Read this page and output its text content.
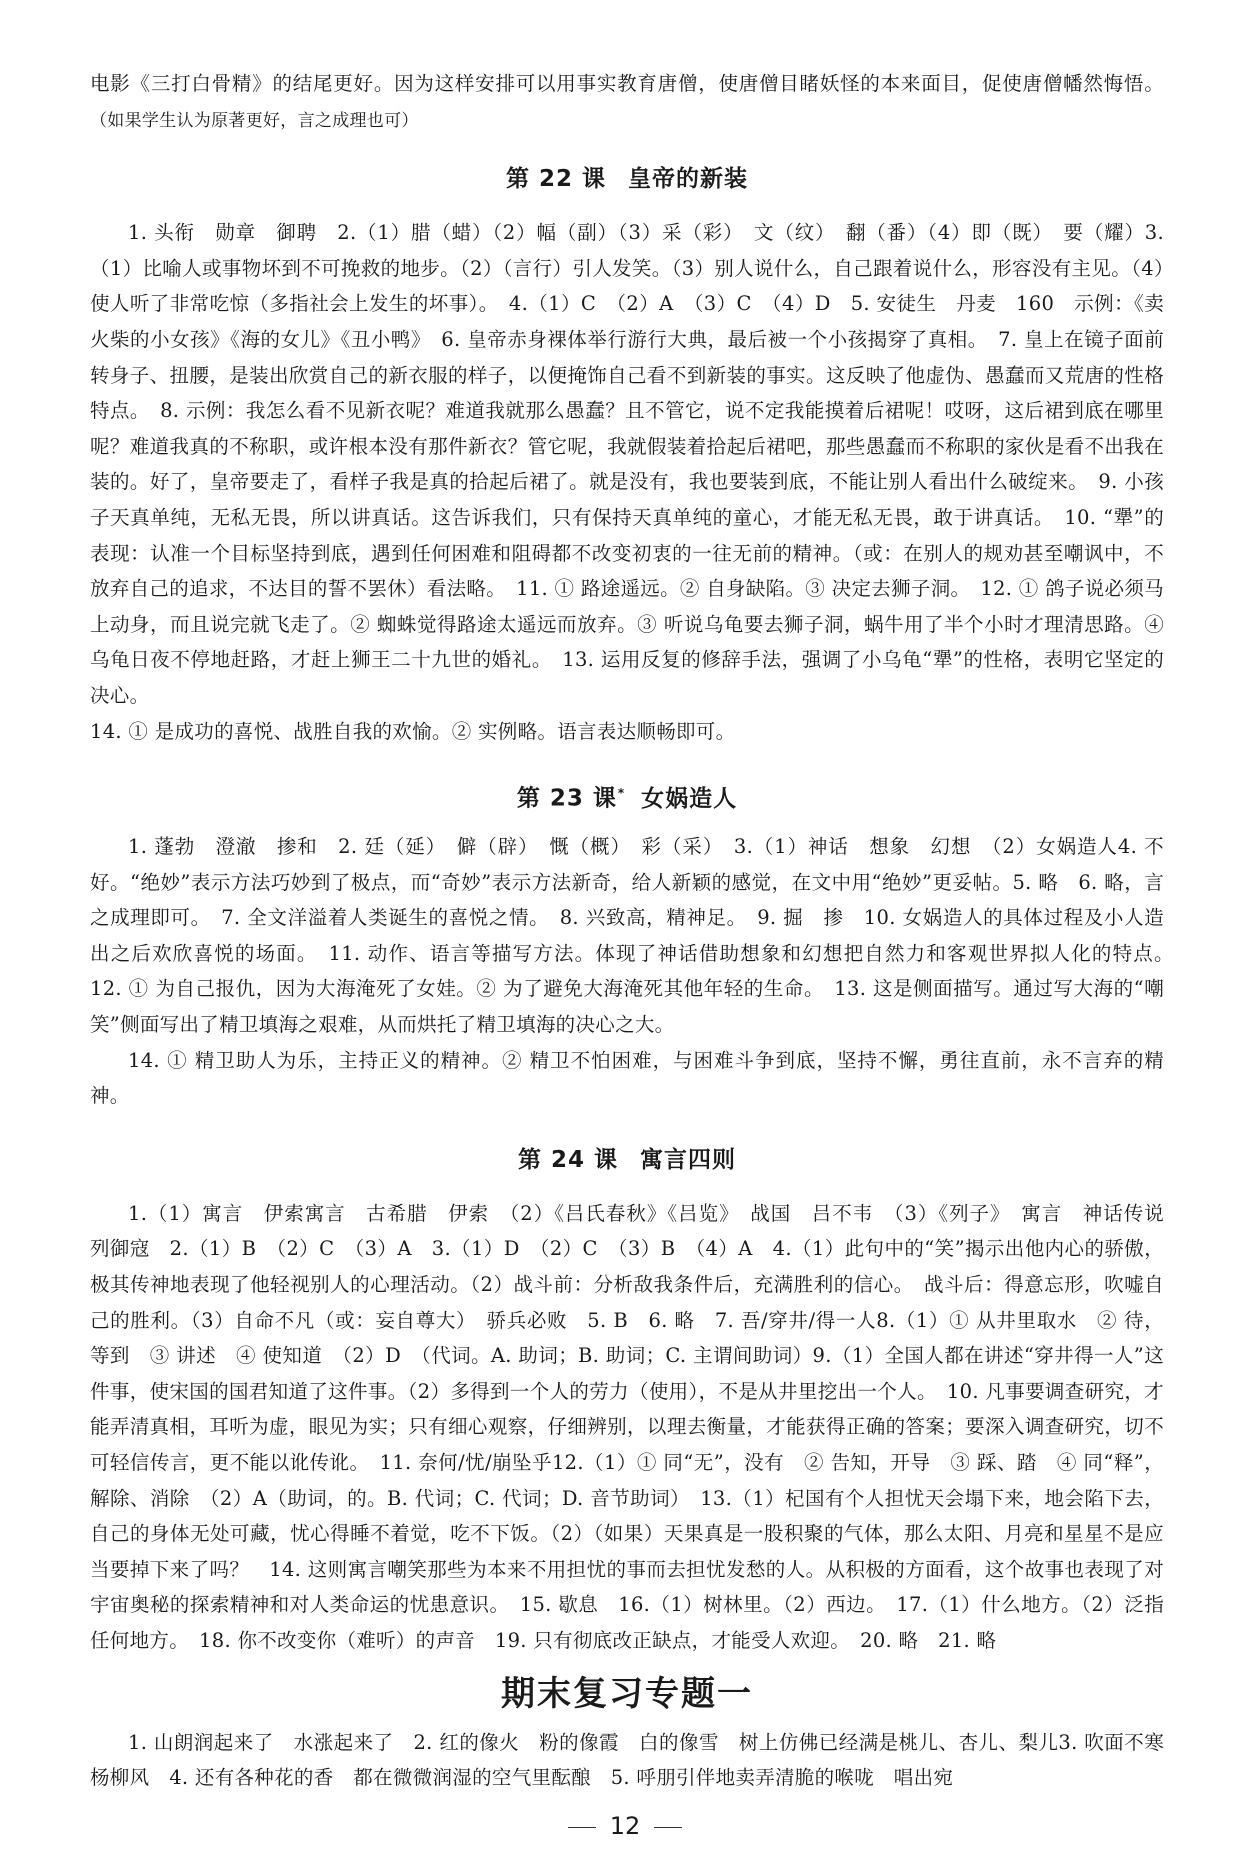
电影《三打白骨精》的结尾更好。因为这样安排可以用事实教育唐僧，使唐僧目睹妖怪的本来面目，促使唐僧幡然悔悟。（如果学生认为原著更好，言之成理也可）

第 22 课 皇帝的新装

1. 头衔　勋章　御聘　2.（1）腊（蜡）（2）幅（副）（3）采（彩）　文（纹）　翻（番）（4）即（既）　要（耀）3.（1）比喻人或事物坏到不可挽救的地步。（2）（言行）引人发笑。（3）别人说什么，自己跟着说什么，形容没有主见。（4）使人听了非常吃惊（多指社会上发生的坏事）。　4.（1）C　（2）A　（3）C　（4）D　5. 安徒生　丹麦　160　示例：《卖火柴的小女孩》《海的女儿》《丑小鸭》　6. 皇帝赤身裸体举行游行大典，最后被一个小孩揭穿了真相。　7. 皇上在镜子面前转身子、扭腰，是装出欣赏自己的新衣服的样子，以便掩饰自己看不到新装的事实。这反映了他虚伪、愚蠢而又荒唐的性格特点。　8. 示例：我怎么看不见新衣呢？难道我就那么愚蠢？且不管它，说不定我能摸着后裙呢！哎呀，这后裙到底在哪里呢？难道我真的不称职，或许根本没有那件新衣？管它呢，我就假装着拾起后裙吧，那些愚蠢而不称职的家伙是看不出我在装的。好了，皇帝要走了，看样子我是真的拾起后裙了。就是没有，我也要装到底，不能让别人看出什么破绽来。　9. 小孩子天真单纯，无私无畏，所以讲真话。这告诉我们，只有保持天真单纯的童心，才能无私无畏，敢于讲真话。　10. “犟”的表现：认准一个目标坚持到底，遇到任何困难和阻碍都不改变初衷的一往无前的精神。（或：在别人的规劝甚至嘲讽中，不放弃自己的追求，不达目的誓不罢休）看法略。　11. ① 路途遥远。② 自身缺陷。③ 决定去狮子洞。　12. ① 鸽子说必须马上动身，而且说完就飞走了。② 蜘蛛觉得路途太遥远而放弃。③ 听说乌龟要去狮子洞，蜗牛用了半个小时才理清思路。④ 乌龟日夜不停地赶路，才赶上狮王二十九世的婚礼。　13. 运用反复的修辞手法，强调了小乌龟“犟”的性格，表明它坚定的决心。

14. ① 是成功的喜悦、战胜自我的欢愉。② 实例略。语言表达顺畅即可。

第 23 课* 女娲造人

1. 蓬勃　澄澈　掺和　2. 廷（延）　僻（辟）　慨（概）　彩（采）　3.（1）神话　想象　幻想　（2）女娲造人4. 不好。“绝妙”表示方法巧妙到了极点，而“奇妙”表示方法新奇，给人新颖的感觉，在文中用“绝妙”更妥帖。5. 略　6. 略，言之成理即可。　7. 全文洋溢着人类诞生的喜悦之情。　8. 兴致高，精神足。　9. 掘　掺　10. 女娲造人的具体过程及小人造出之后欢欣喜悦的场面。　11. 动作、语言等描写方法。体现了神话借助想象和幻想把自然力和客观世界拟人化的特点。　12. ① 为自己报仇，因为大海淹死了女娃。② 为了避免大海淹死其他年轻的生命。　13. 这是侧面描写。通过写大海的“嘲笑”侧面写出了精卫填海之艰难，从而烘托了精卫填海的决心之大。

14. ① 精卫助人为乐，主持正义的精神。② 精卫不怕困难，与困难斗争到底，坚持不懈，勇往直前，永不言弃的精神。

第 24 课 寓言四则

1.（1）寓言　伊索寓言　古希腊　伊索　（2）《吕氏春秋》《吕览》　战国　吕不韦　（3）《列子》　寓言　神话传说　列御寇　2.（1）B　（2）C　（3）A　3.（1）D　（2）C　（3）B　（4）A　4.（1）此句中的“笑”揭示出他内心的骄傲，极其传神地表现了他轻视别人的心理活动。（2）战斗前：分析敌我条件后，充满胜利的信心。　战斗后：得意忘形，吹嘘自己的胜利。（3）自命不凡（或：妄自尊大）　骄兵必败　5. B　6. 略　7. 吾/穿井/得一人8.（1）① 从井里取水　② 待，等到　③ 讲述　④ 使知道　（2）D　（代词。A. 助词；B. 助词；C. 主谓间助词）9.（1）全国人都在讲述“穿井得一人”这件事，使宋国的国君知道了这件事。（2）多得到一个人的劳力（使用），不是从井里挖出一个人。　10. 凡事要调查研究，才能弄清真相，耳听为虚，眼见为实；只有细心观察，仔细辨别，以理去衡量，才能获得正确的答案；要深入调查研究，切不可轻信传言，更不能以讹传讹。　11. 奈何/忧/崩坠乎12.（1）① 同“无”，没有　② 告知，开导　③ 踩、踏　④ 同“释”，解除、消除　（2）A（助词，的。B. 代词；C. 代词；D. 音节助词）　13.（1）杞国有个人担忧天会塌下来，地会陷下去，自己的身体无处可藏，忧心得睡不着觉，吃不下饭。（2）（如果）天果真是一股积聚的气体，那么太阳、月亮和星星不是应当要掉下来了吗？　14. 这则寓言嘲笑那些为本来不用担忧的事而去担忧发愁的人。从积极的方面看，这个故事也表现了对宇宙奥秘的探索精神和对人类命运的忧患意识。　15. 歇息　16.（1）树林里。（2）西边。　17.（1）什么地方。（2）泛指任何地方。　18. 你不改变你（难听）的声音　19. 只有彻底改正缺点，才能受人欢迎。　20. 略　21. 略

期末复习专题一

1. 山朗润起来了　水涨起来了　2. 红的像火　粉的像霞　白的像雪　树上仿佛已经满是桃儿、杏儿、梨儿3. 吹面不寒杨柳风　4. 还有各种花的香　都在微微润湿的空气里酝酿　5. 呼朋引伴地卖弄清脆的喉咙　唱出宛

12
